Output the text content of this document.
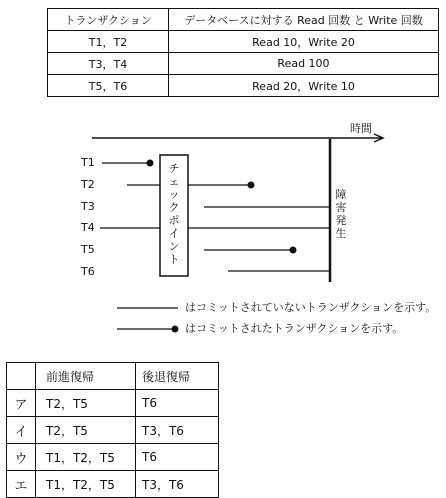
トランザクション	データベースに対する Read 回数 と Write 回数
T1，T2	Read 10，Write 20
T3，T4	Read 100
T5，T6	Read 20，Write 10
時間
T1
T2
T3
T4
T5
T6
チ
ェ
ッ
ク
ポ
イ
ン
ト
障
害
発
生
はコミットされていないトランザクションを示す。
はコミットされたトランザクションを示す。
	前進復帰	後退復帰
ア	T2，T5	T6
イ	T2，T5	T3，T6
ウ	T1，T2，T5	T6
エ	T1，T2，T5	T3，T6
